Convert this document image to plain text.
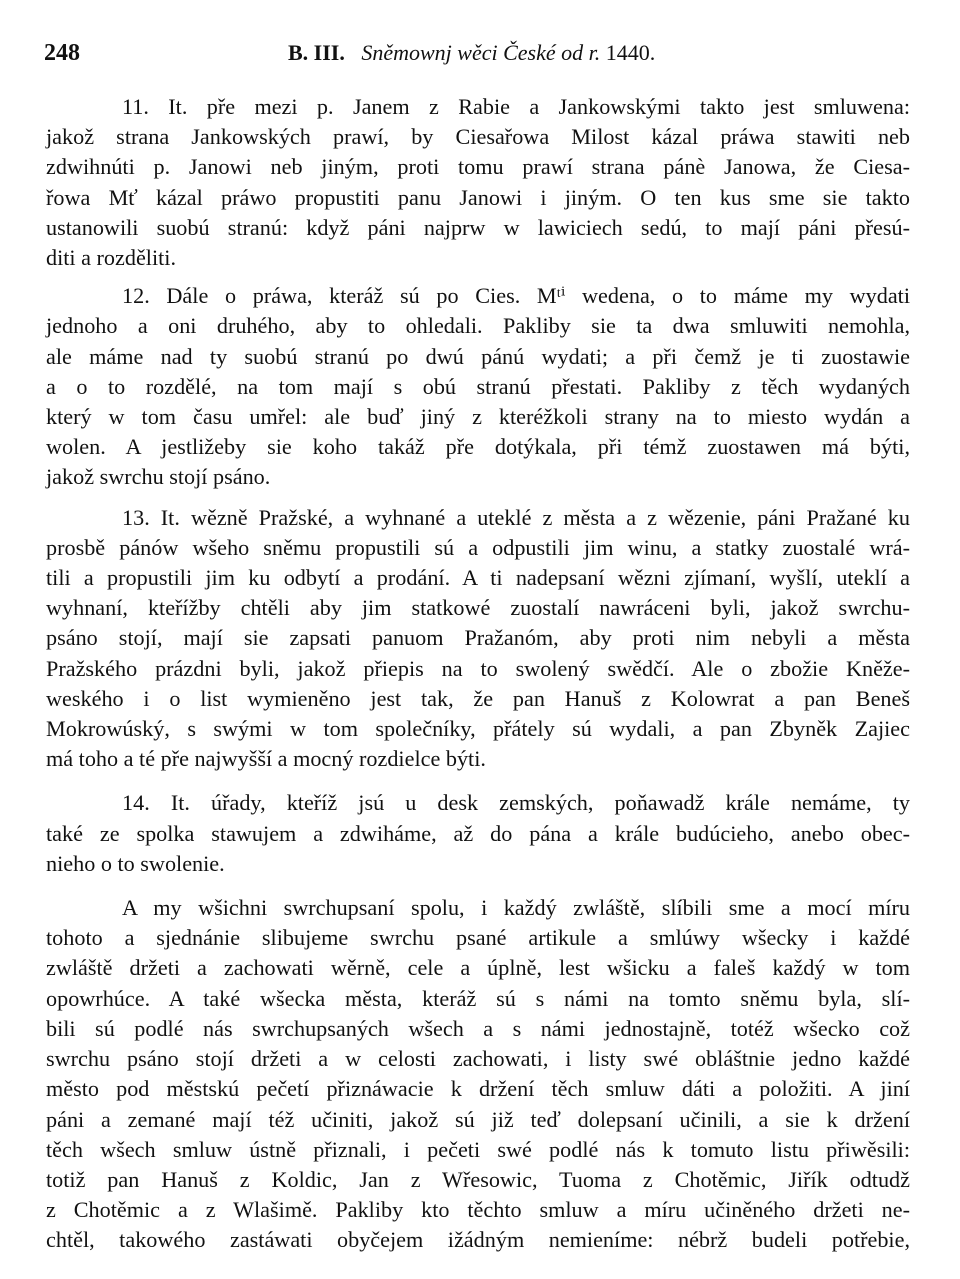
248	B. III. Sněmownj wěci České od r. 1440.
11. It. pře mezi p. Janem z Rabie a Jankowskými takto jest smluwena:
jakož strana Jankowských prawí, by Ciesařowa Milost kázal práwa stawiti neb
zdwihnúti p. Janowi neb jiným, proti tomu prawí strana pánè Janowa, že Ciesa-
řowa Mť kázal práwo propustiti panu Janowi i jiným. O ten kus sme sie takto
ustanowili suobú stranú: když páni najprw w lawiciech sedú, to mají páni přesú-
diti a rozděliti.
12. Dále o práwa, kteráž sú po Cies. Mᵗⁱ wedena, o to máme my wydati
jednoho a oni druhého, aby to ohledali. Pakliby sie ta dwa smluwiti nemohla,
ale máme nad ty suobú stranú po dwú pánú wydati; a při čemž je ti zuostawie
a o to rozdělé, na tom mají s obú stranú přestati. Pakliby z těch wydaných
který w tom času umřel: ale buď jiný z kteréžkoli strany na to miesto wydán a
wolen. A jestližeby sie koho takáž pře dotýkala, při témž zuostawen má býti,
jakož swrchu stojí psáno.
13. It. wězně Pražské, a wyhnané a uteklé z města a z wězenie, páni Pražané ku
prosbě pánów wšeho sněmu propustili sú a odpustili jim winu, a statky zuostalé wrá-
tili a propustili jim ku odbytí a prodání. A ti nadepsaní wězni zjímaní, wyšlí, uteklí a
wyhnaní, kteřížby chtěli aby jim statkowé zuostalí nawráceni byli, jakož swrchu-
psáno stojí, mají sie zapsati panuom Pražanóm, aby proti nim nebyli a města
Pražského prázdni byli, jakož přiepis na to swolený swědčí. Ale o zbožie Kněže-
weského i o list wymieněno jest tak, že pan Hanuš z Kolowrat a pan Beneš
Mokrowúský, s swými w tom společníky, přátely sú wydali, a pan Zbyněk Zajiec
má toho a té pře najwyšší a mocný rozdielce býti.
14. It. úřady, kteříž jsú u desk zemských, poňawadž krále nemáme, ty
také ze spolka stawujem a zdwiháme, až do pána a krále budúcieho, anebo obec-
nieho o to swolenie.
A my wšichni swrchupsaní spolu, i každý zwláště, slíbili sme a mocí míru
tohoto a sjednánie slibujeme swrchu psané artikule a smlúwy wšecky i každé
zwláště držeti a zachowati wěrně, cele a úplně, lest wšicku a faleš každý w tom
opowrhúce. A také wšecka města, kteráž sú s námi na tomto sněmu byla, slí-
bili sú podlé nás swrchupsaných wšech a s námi jednostajně, totéž wšecko což
swrchu psáno stojí držeti a w celosti zachowati, i listy swé obláštnie jedno každé
město pod městskú pečetí přiznáwacie k držení těch smluw dáti a položiti. A jiní
páni a zemané mají též učiniti, jakož sú již teď dolepsaní učinili, a sie k držení
těch wšech smluw ústně přiznali, i pečeti swé podlé nás k tomuto listu přiwěsili:
totiž pan Hanuš z Koldic, Jan z Wřesowic, Tuoma z Chotěmic, Jiřík odtudž
z Chotěmic a z Wlašimě. Pakliby kto těchto smluw a míru učiněného držeti ne-
chtěl, takowého zastáwati obyčejem ižádným nemieníme: nébrž budeli potřebie,
